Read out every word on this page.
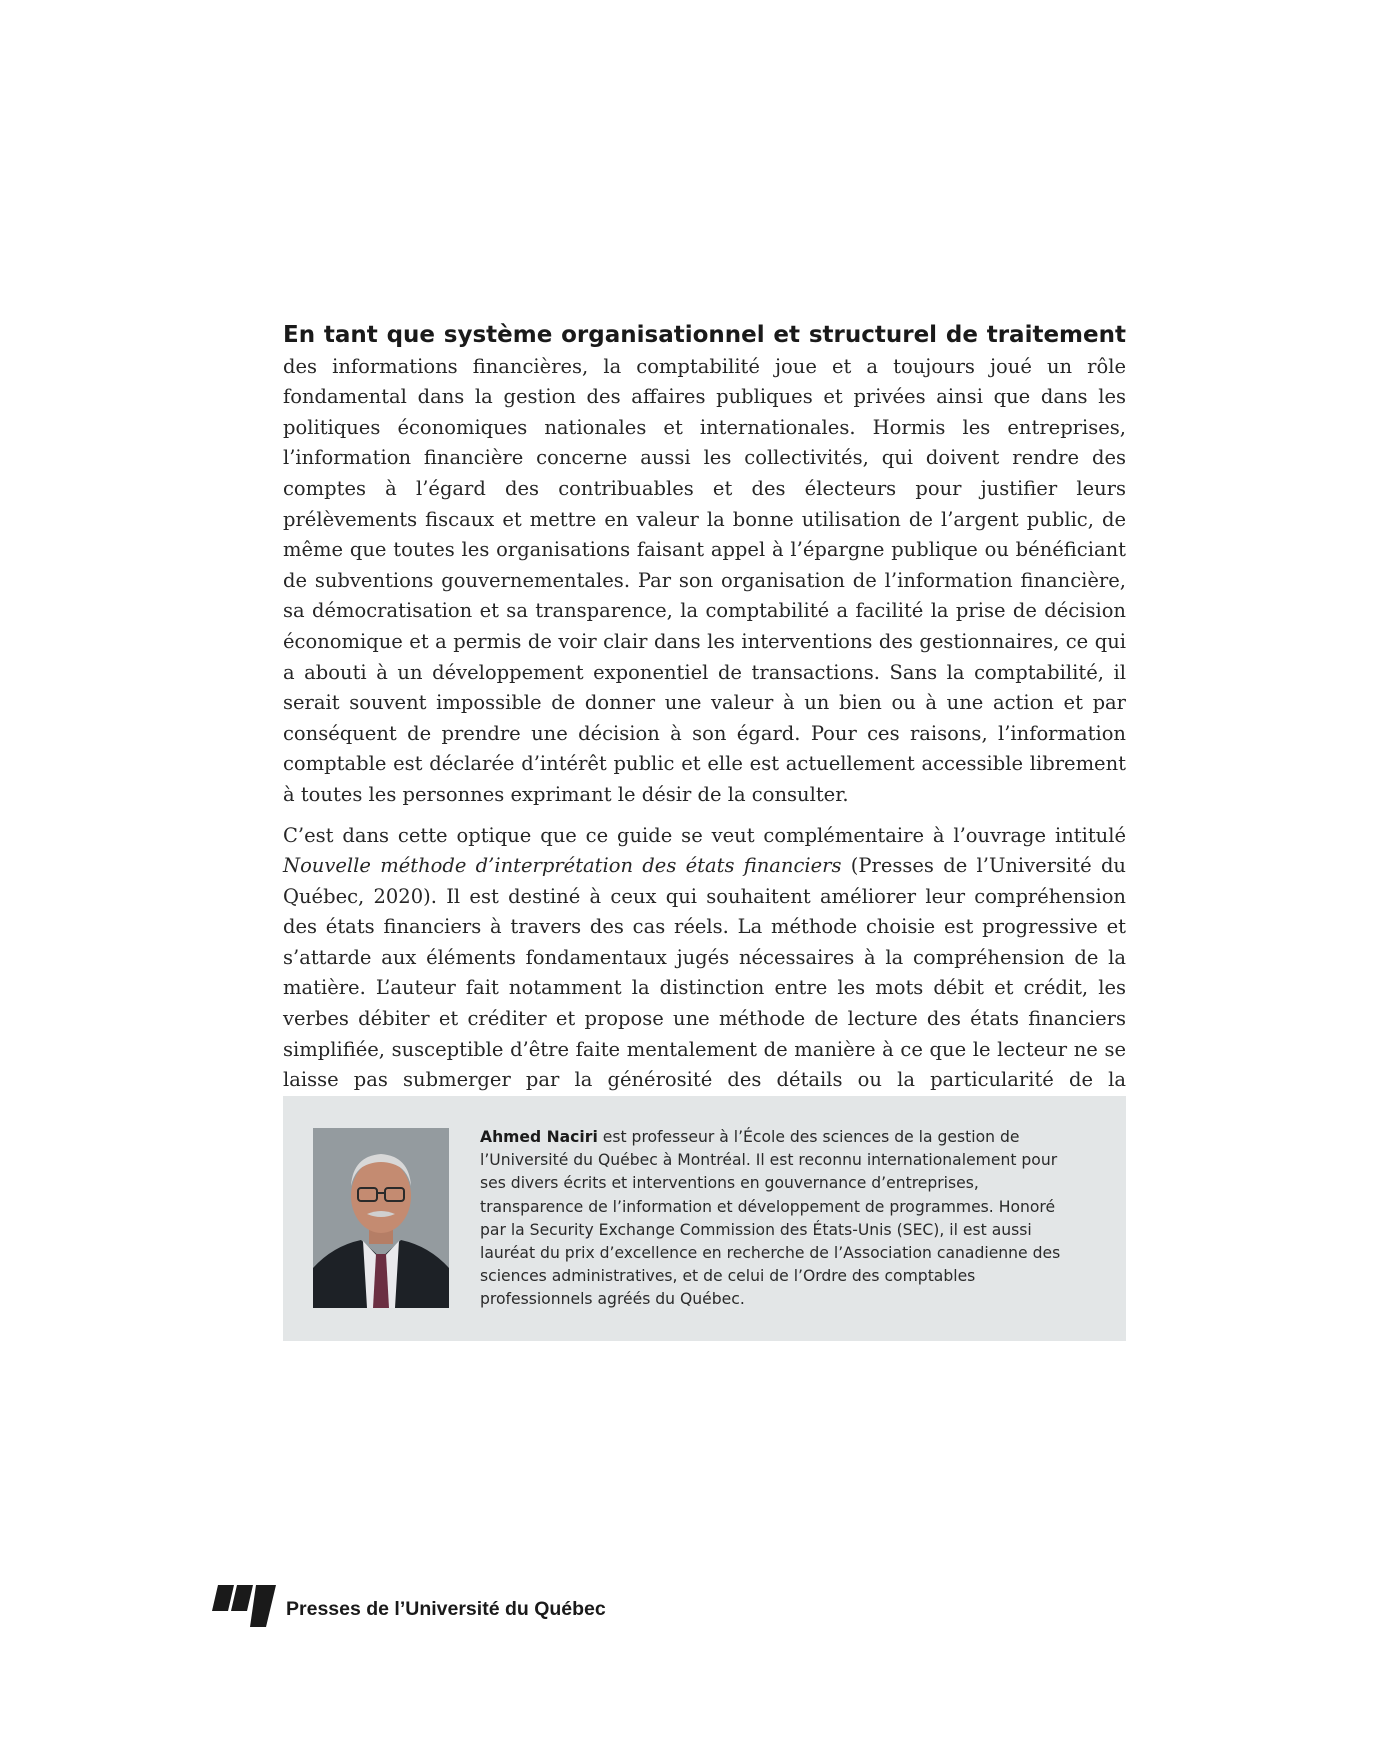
En tant que système organisationnel et structurel de traitement des informations financières, la comptabilité joue et a toujours joué un rôle fondamental dans la gestion des affaires publiques et privées ainsi que dans les politiques économiques nationales et internationales. Hormis les entreprises, l’information financière concerne aussi les collectivités, qui doivent rendre des comptes à l’égard des contribuables et des électeurs pour justifier leurs prélèvements fiscaux et mettre en valeur la bonne utilisation de l’argent public, de même que toutes les organisations faisant appel à l’épargne publique ou bénéficiant de subventions gouvernementales. Par son organisation de l’information financière, sa démocratisation et sa transparence, la comptabilité a facilité la prise de décision économique et a permis de voir clair dans les interventions des gestionnaires, ce qui a abouti à un développement exponentiel de transactions. Sans la comptabilité, il serait souvent impossible de donner une valeur à un bien ou à une action et par conséquent de prendre une décision à son égard. Pour ces raisons, l’information comptable est déclarée d’intérêt public et elle est actuellement accessible librement à toutes les personnes exprimant le désir de la consulter.

C’est dans cette optique que ce guide se veut complémentaire à l’ouvrage intitulé Nouvelle méthode d’interprétation des états financiers (Presses de l’Université du Québec, 2020). Il est destiné à ceux qui souhaitent améliorer leur compréhension des états financiers à travers des cas réels. La méthode choisie est progressive et s’attarde aux éléments fondamentaux jugés nécessaires à la compréhension de la matière. L’auteur fait notamment la distinction entre les mots débit et crédit, les verbes débiter et créditer et propose une méthode de lecture des états financiers simplifiée, susceptible d’être faite mentalement de manière à ce que le lecteur ne se laisse pas submerger par la générosité des détails ou la particularité de la

Ahmed Naciri est professeur à l’École des sciences de la gestion de l’Université du Québec à Montréal. Il est reconnu internationalement pour ses divers écrits et interventions en gouvernance d’entreprises, transparence de l’information et développement de programmes. Honoré par la Security Exchange Commission des États-Unis (SEC), il est aussi lauréat du prix d’excellence en recherche de l’Association canadienne des sciences administratives, et de celui de l’Ordre des comptables professionnels agréés du Québec.

Presses de l’Université du Québec
